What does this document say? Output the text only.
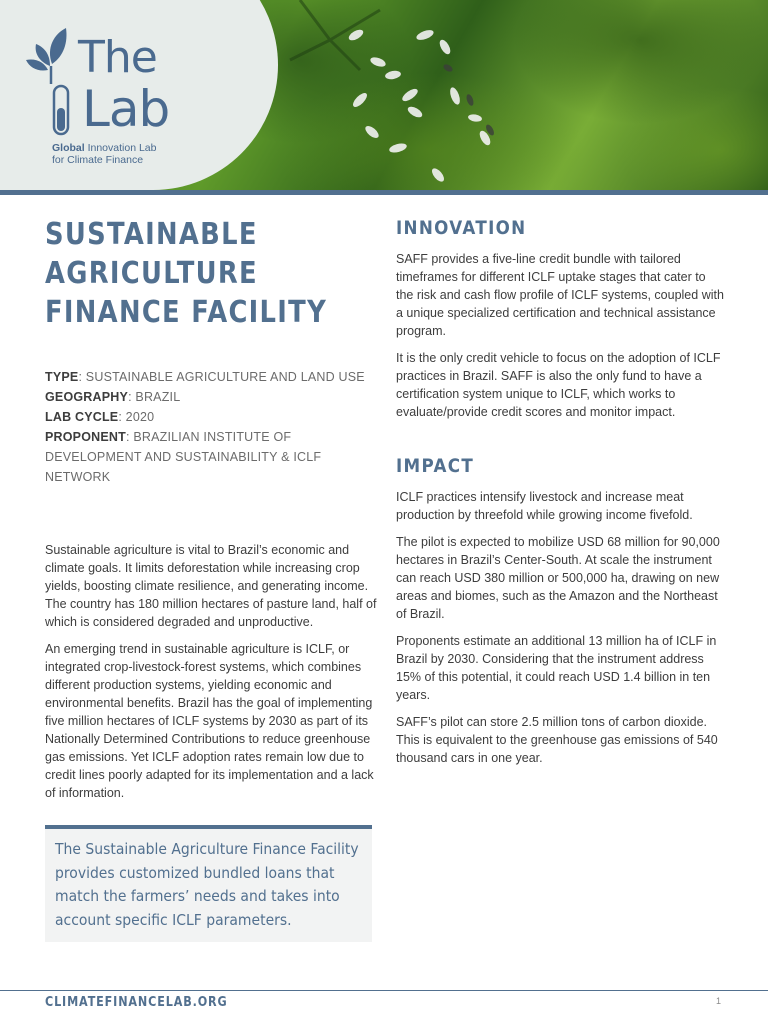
The
Lab
Global Innovation Lab
for Climate Finance
SUSTAINABLE
AGRICULTURE
FINANCE FACILITY
TYPE: SUSTAINABLE AGRICULTURE AND LAND USE
GEOGRAPHY: BRAZIL
LAB CYCLE: 2020
PROPONENT: BRAZILIAN INSTITUTE OF DEVELOPMENT AND SUSTAINABILITY & ICLF NETWORK

Sustainable agriculture is vital to Brazil’s economic and climate goals. It limits deforestation while increasing crop yields, boosting climate resilience, and generating income. The country has 180 million hectares of pasture land, half of which is considered degraded and unproductive.

An emerging trend in sustainable agriculture is ICLF, or integrated crop-livestock-forest systems, which combines different production systems, yielding economic and environmental benefits. Brazil has the goal of implementing five million hectares of ICLF systems by 2030 as part of its Nationally Determined Contributions to reduce greenhouse gas emissions. Yet ICLF adoption rates remain low due to credit lines poorly adapted for its implementation and a lack of information.

The Sustainable Agriculture Finance Facility provides customized bundled loans that match the farmers’ needs and takes into account specific ICLF parameters.

INNOVATION

SAFF provides a five-line credit bundle with tailored timeframes for different ICLF uptake stages that cater to the risk and cash flow profile of ICLF systems, coupled with a unique specialized certification and technical assistance program.

It is the only credit vehicle to focus on the adoption of ICLF practices in Brazil. SAFF is also the only fund to have a certification system unique to ICLF, which works to evaluate/provide credit scores and monitor impact.

IMPACT

ICLF practices intensify livestock and increase meat production by threefold while growing income fivefold.

The pilot is expected to mobilize USD 68 million for 90,000 hectares in Brazil’s Center-South. At scale the instrument can reach USD 380 million or 500,000 ha, drawing on new areas and biomes, such as the Amazon and the Northeast of Brazil.

Proponents estimate an additional 13 million ha of ICLF in Brazil by 2030. Considering that the instrument address 15% of this potential, it could reach USD 1.4 billion in ten years.

SAFF’s pilot can store 2.5 million tons of carbon dioxide. This is equivalent to the greenhouse gas emissions of 540 thousand cars in one year.

CLIMATEFINANCELAB.ORG	1
